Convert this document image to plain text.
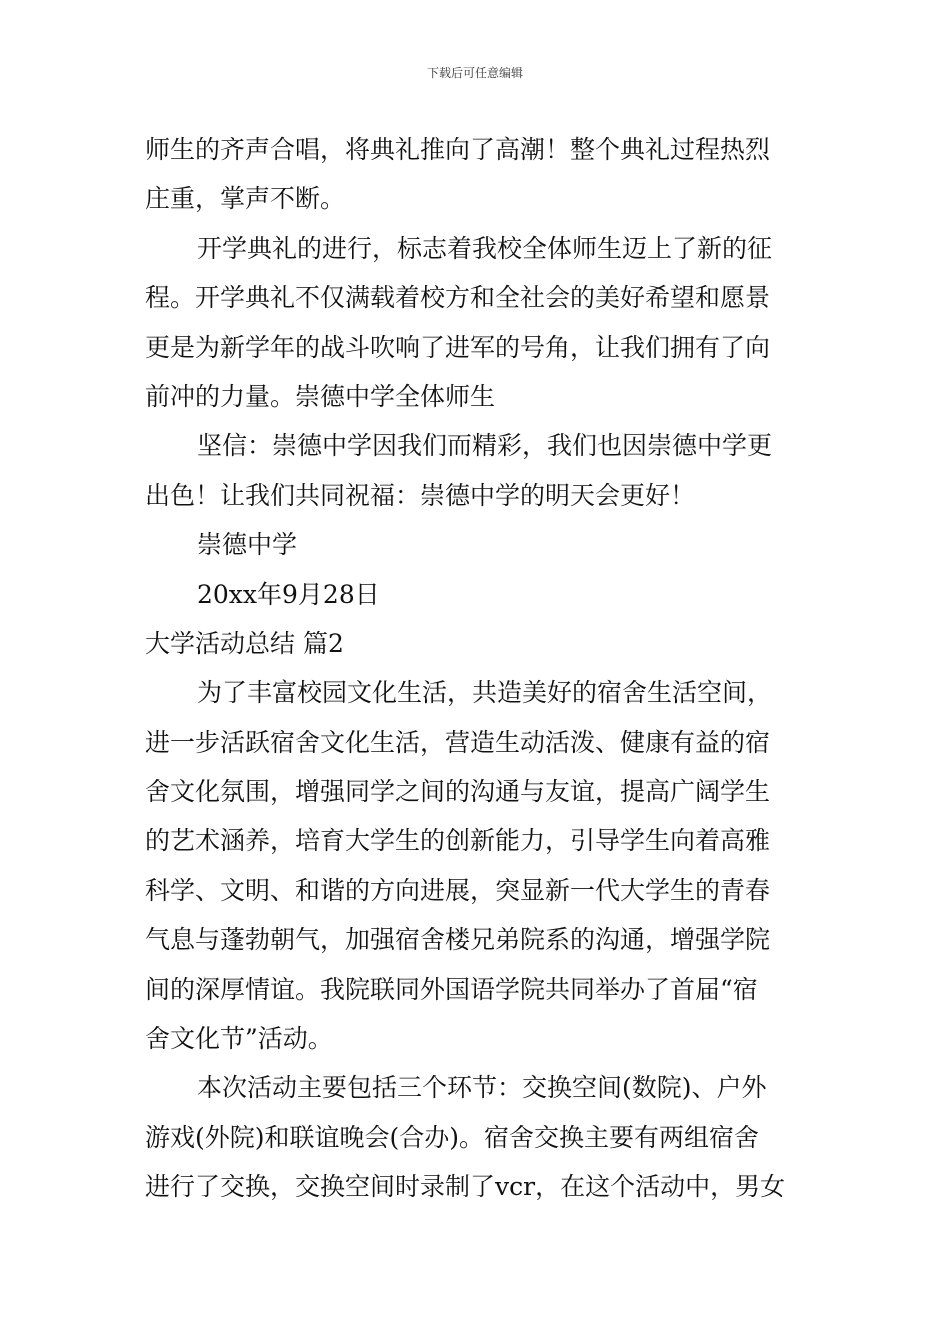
下载后可任意编辑
师生的齐声合唱，将典礼推向了高潮！整个典礼过程热烈
庄重，掌声不断。
开学典礼的进行，标志着我校全体师生迈上了新的征
程。开学典礼不仅满载着校方和全社会的美好希望和愿景
更是为新学年的战斗吹响了进军的号角，让我们拥有了向
前冲的力量。崇德中学全体师生
坚信：崇德中学因我们而精彩，我们也因崇德中学更
出色！让我们共同祝福：崇德中学的明天会更好！
崇德中学
20xx年9月28日
大学活动总结 篇2
为了丰富校园文化生活，共造美好的宿舍生活空间，
进一步活跃宿舍文化生活，营造生动活泼、健康有益的宿
舍文化氛围，增强同学之间的沟通与友谊，提高广阔学生
的艺术涵养，培育大学生的创新能力，引导学生向着高雅
科学、文明、和谐的方向进展，突显新一代大学生的青春
气息与蓬勃朝气，加强宿舍楼兄弟院系的沟通，增强学院
间的深厚情谊。我院联同外国语学院共同举办了首届“宿
舍文化节”活动。
本次活动主要包括三个环节：交换空间(数院)、户外
游戏(外院)和联谊晚会(合办)。宿舍交换主要有两组宿舍
进行了交换，交换空间时录制了vcr，在这个活动中，男女
